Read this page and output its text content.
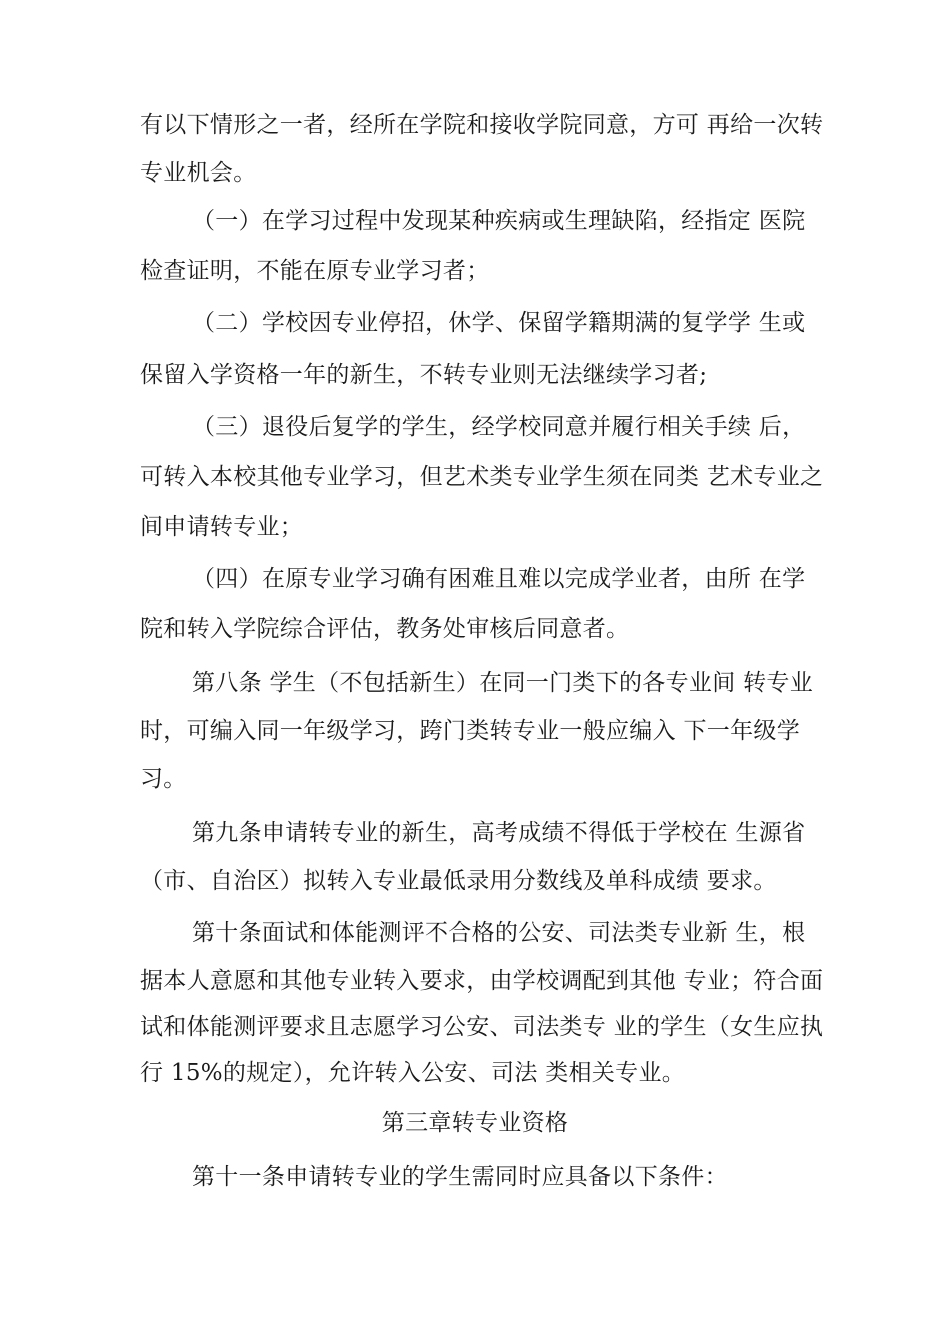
有以下情形之一者，经所在学院和接收学院同意，方可 再给一次转
专业机会。
（一）在学习过程中发现某种疾病或生理缺陷，经指定 医院
检查证明，不能在原专业学习者；
（二）学校因专业停招，休学、保留学籍期满的复学学 生或
保留入学资格一年的新生，不转专业则无法继续学习者;
（三）退役后复学的学生，经学校同意并履行相关手续 后，
可转入本校其他专业学习，但艺术类专业学生须在同类 艺术专业之
间申请转专业；
（四）在原专业学习确有困难且难以完成学业者，由所 在学
院和转入学院综合评估，教务处审核后同意者。
第八条 学生（不包括新生）在同一门类下的各专业间 转专业
时，可编入同一年级学习，跨门类转专业一般应编入 下一年级学
习。
第九条申请转专业的新生，高考成绩不得低于学校在 生源省
（市、自治区）拟转入专业最低录用分数线及单科成绩 要求。
第十条面试和体能测评不合格的公安、司法类专业新 生，根
据本人意愿和其他专业转入要求，由学校调配到其他 专业；符合面
试和体能测评要求且志愿学习公安、司法类专 业的学生（女生应执
行 15%的规定），允许转入公安、司法 类相关专业。
第三章转专业资格
第十一条申请转专业的学生需同时应具备以下条件：
